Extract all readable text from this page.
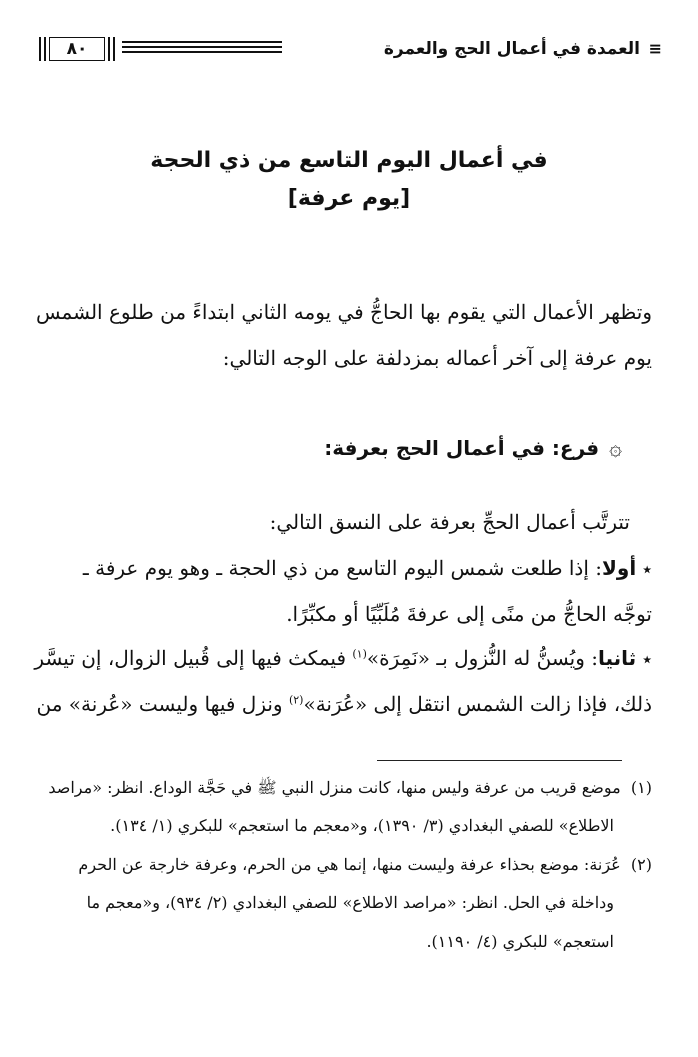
٨٠	العمدة في أعمال الحج والعمرة ≡
في أعمال اليوم التاسع من ذي الحجة
[يوم عرفة]
وتظهر الأعمال التي يقوم بها الحاجُّ في يومه الثاني ابتداءً من طلوع الشمس
يوم عرفة إلى آخر أعماله بمزدلفة على الوجه التالي:
۞فرع: في أعمال الحج بعرفة:
تترتَّب أعمال الحجِّ بعرفة على النسق التالي:
٭أولا: إذا طلعت شمس اليوم التاسع من ذي الحجة ـ وهو يوم عرفة ـ
توجَّه الحاجُّ من منًى إلى عرفةَ مُلَبِّيًا أو مكبِّرًا.
٭ثانيا: ويُسنُّ له النُّزول بـ «نَمِرَة»$^{(١)}$ فيمكث فيها إلى قُبيل الزوال، إن تيسَّر
ذلك، فإذا زالت الشمس انتقل إلى «عُرَنة»$^{(٢)}$ ونزل فيها وليست «عُرنة» من
(١)  موضع قريب من عرفة وليس منها، كانت منزل النبي ﷺ في حَجَّة الوداع. انظر: «مراصد
الاطلاع» للصفي البغدادي (٣/ ١٣٩٠)، و«معجم ما استعجم» للبكري (١/ ١٣٤).
(٢)  عُرَنة: موضع بحذاء عرفة وليست منها، إنما هي من الحرم، وعرفة خارجة عن الحرم
وداخلة في الحل. انظر: «مراصد الاطلاع» للصفي البغدادي (٢/ ٩٣٤)، و«معجم ما
استعجم» للبكري (٤/ ١١٩٠).
